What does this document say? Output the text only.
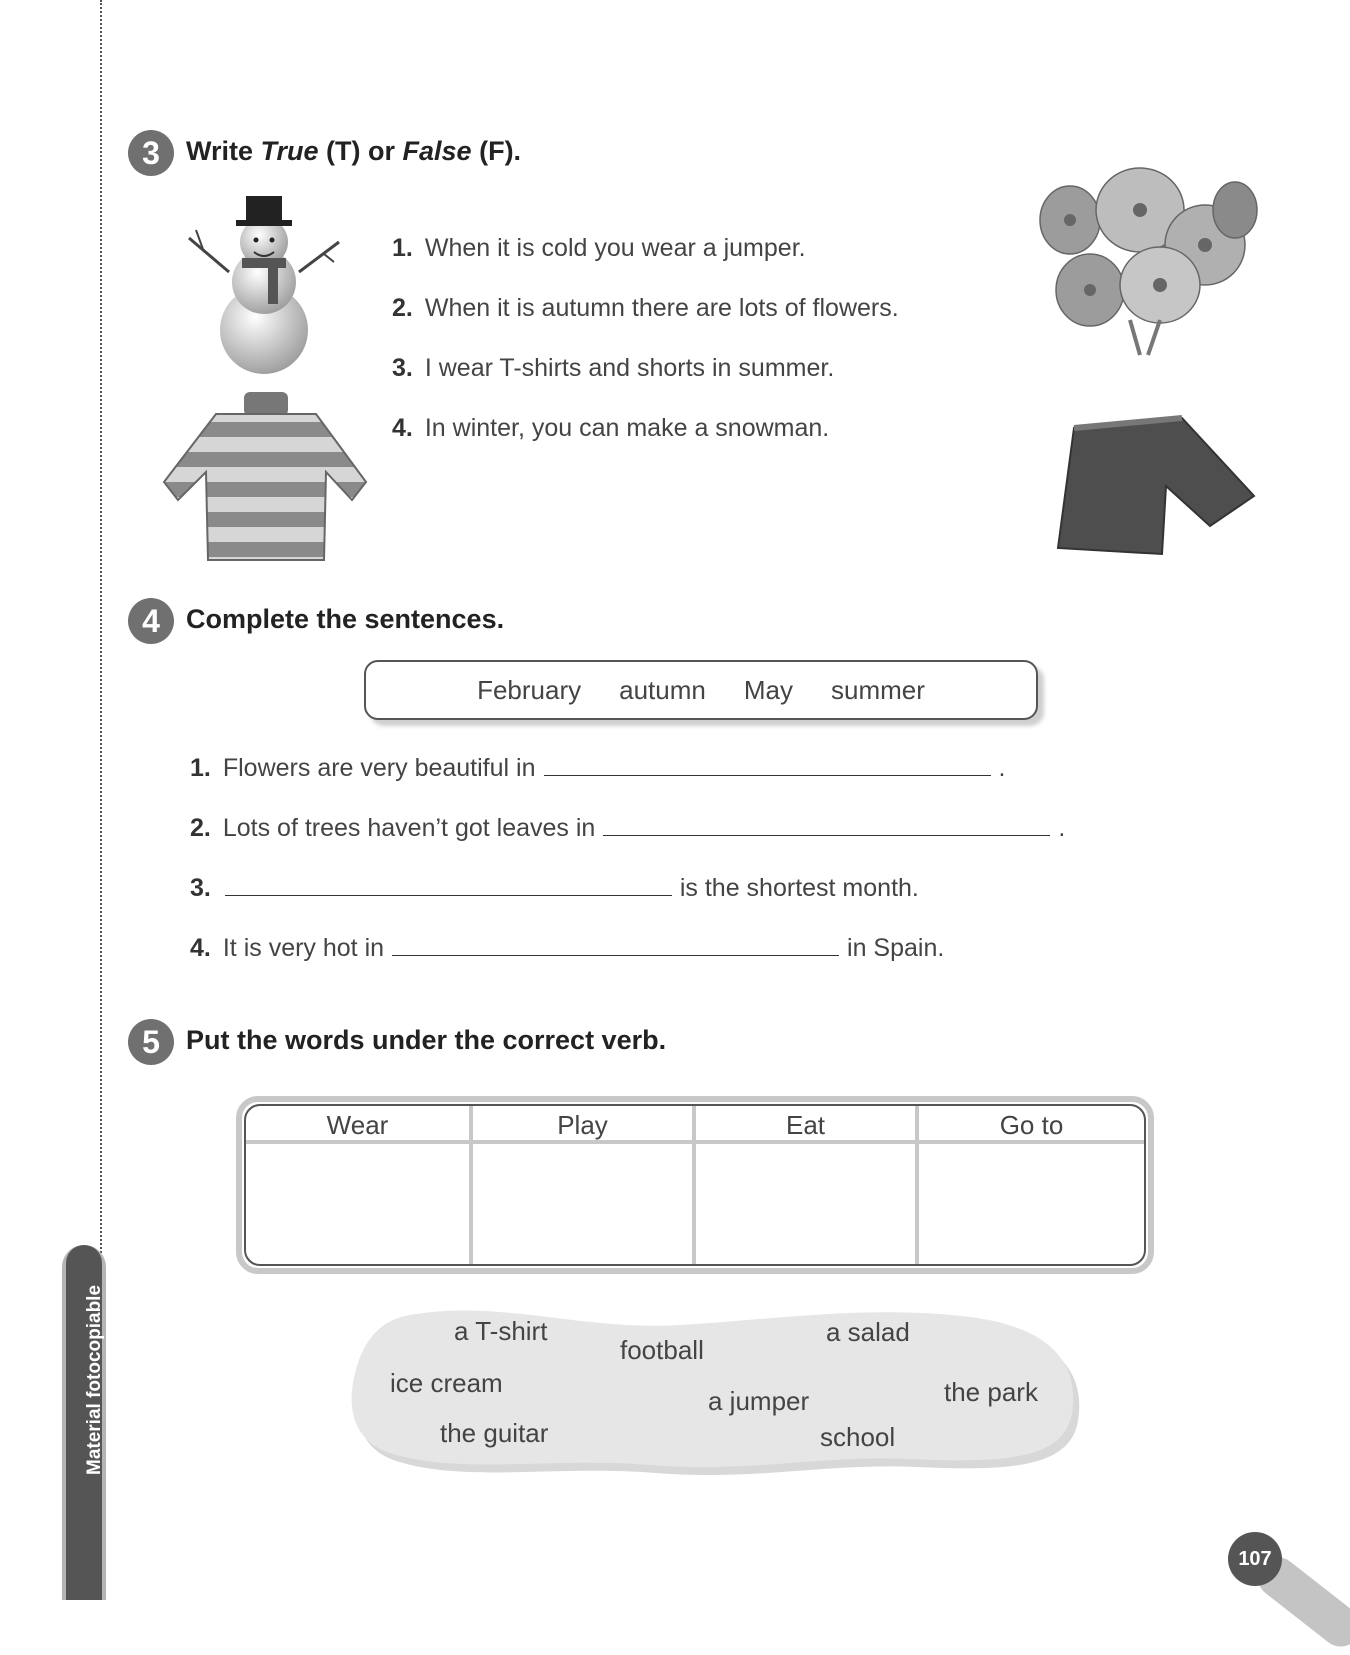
Material fotocopiable
3 Write True (T) or False (F).
1. When it is cold you wear a jumper.
2. When it is autumn there are lots of flowers.
3. I wear T-shirts and shorts in summer.
4. In winter, you can make a snowman.
4 Complete the sentences.
February autumn May summer
1. Flowers are very beautiful in	.
2. Lots of trees haven’t got leaves in	.
3.	is the shortest month.
4. It is very hot in	in Spain.
5 Put the words under the correct verb.
Wear	Play	Eat	Go to
a T-shirt
football
a salad
ice cream
a jumper	the park
the guitar	school
107
